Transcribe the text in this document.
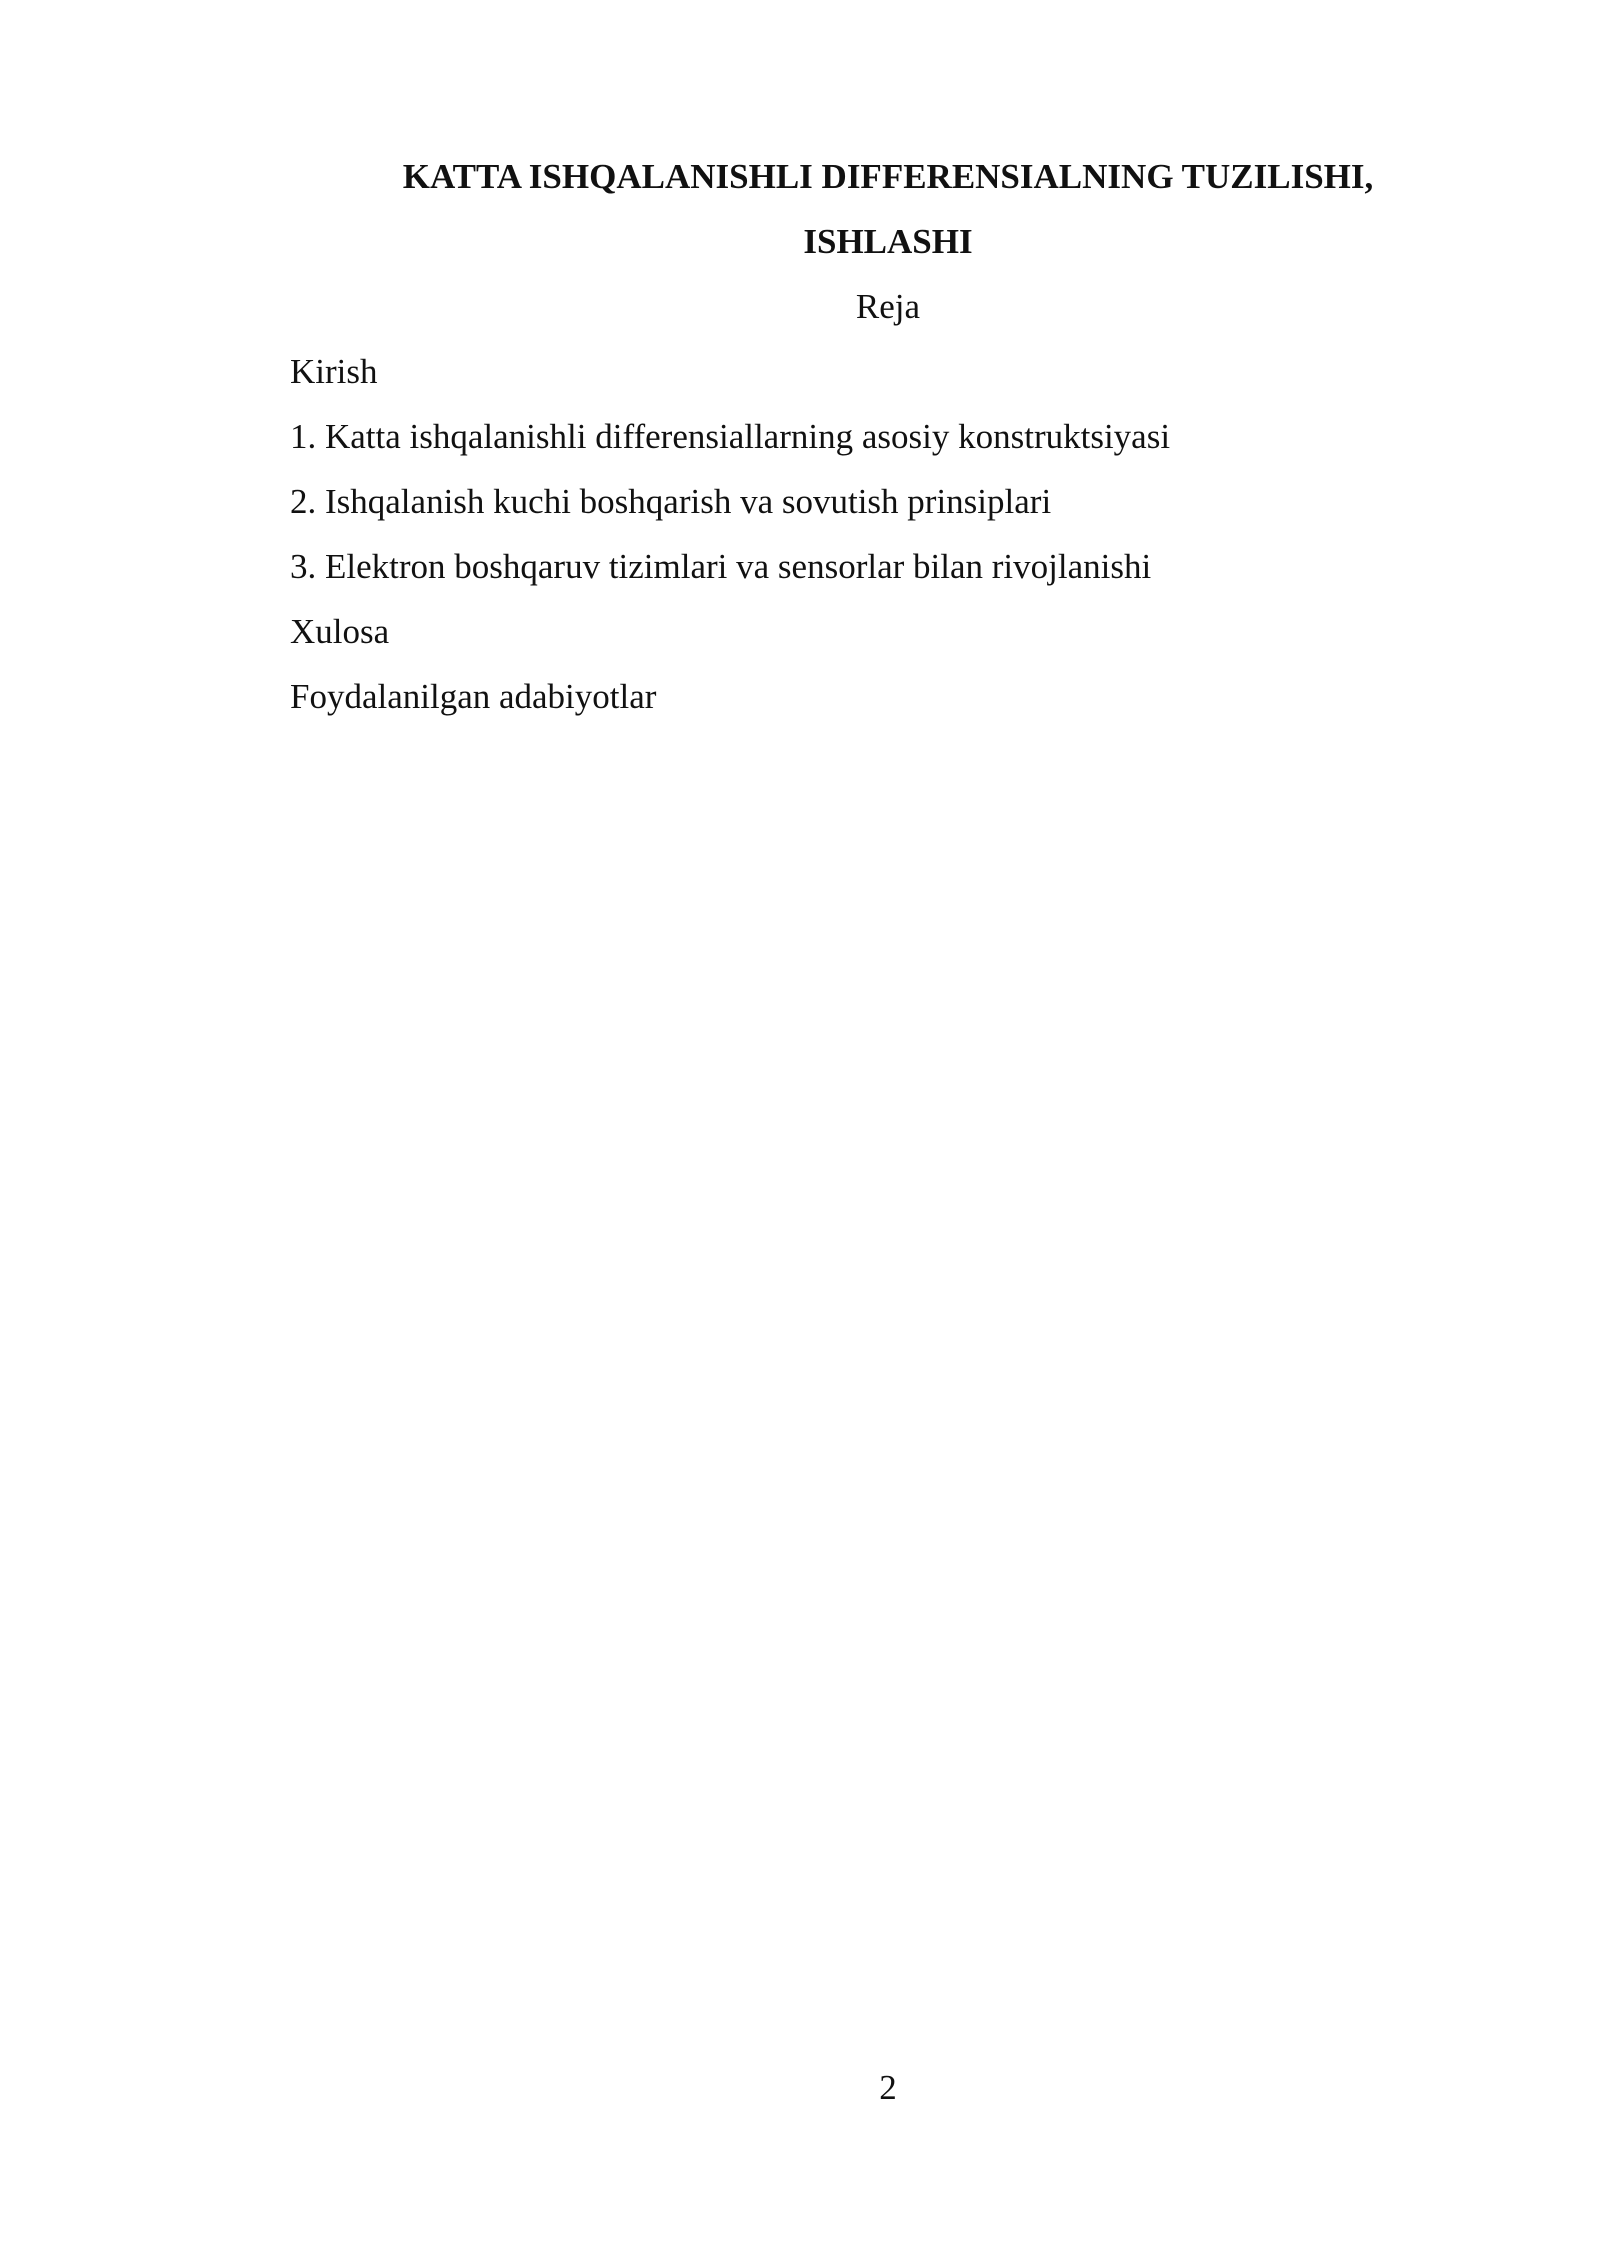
KATTA ISHQALANISHLI DIFFERENSIALNING TUZILISHI,
ISHLASHI

Reja

Kirish
1. Katta ishqalanishli differensiallarning asosiy konstruktsiyasi
2. Ishqalanish kuchi boshqarish va sovutish prinsiplari
3. Elektron boshqaruv tizimlari va sensorlar bilan rivojlanishi
Xulosa
Foydalanilgan adabiyotlar
2
